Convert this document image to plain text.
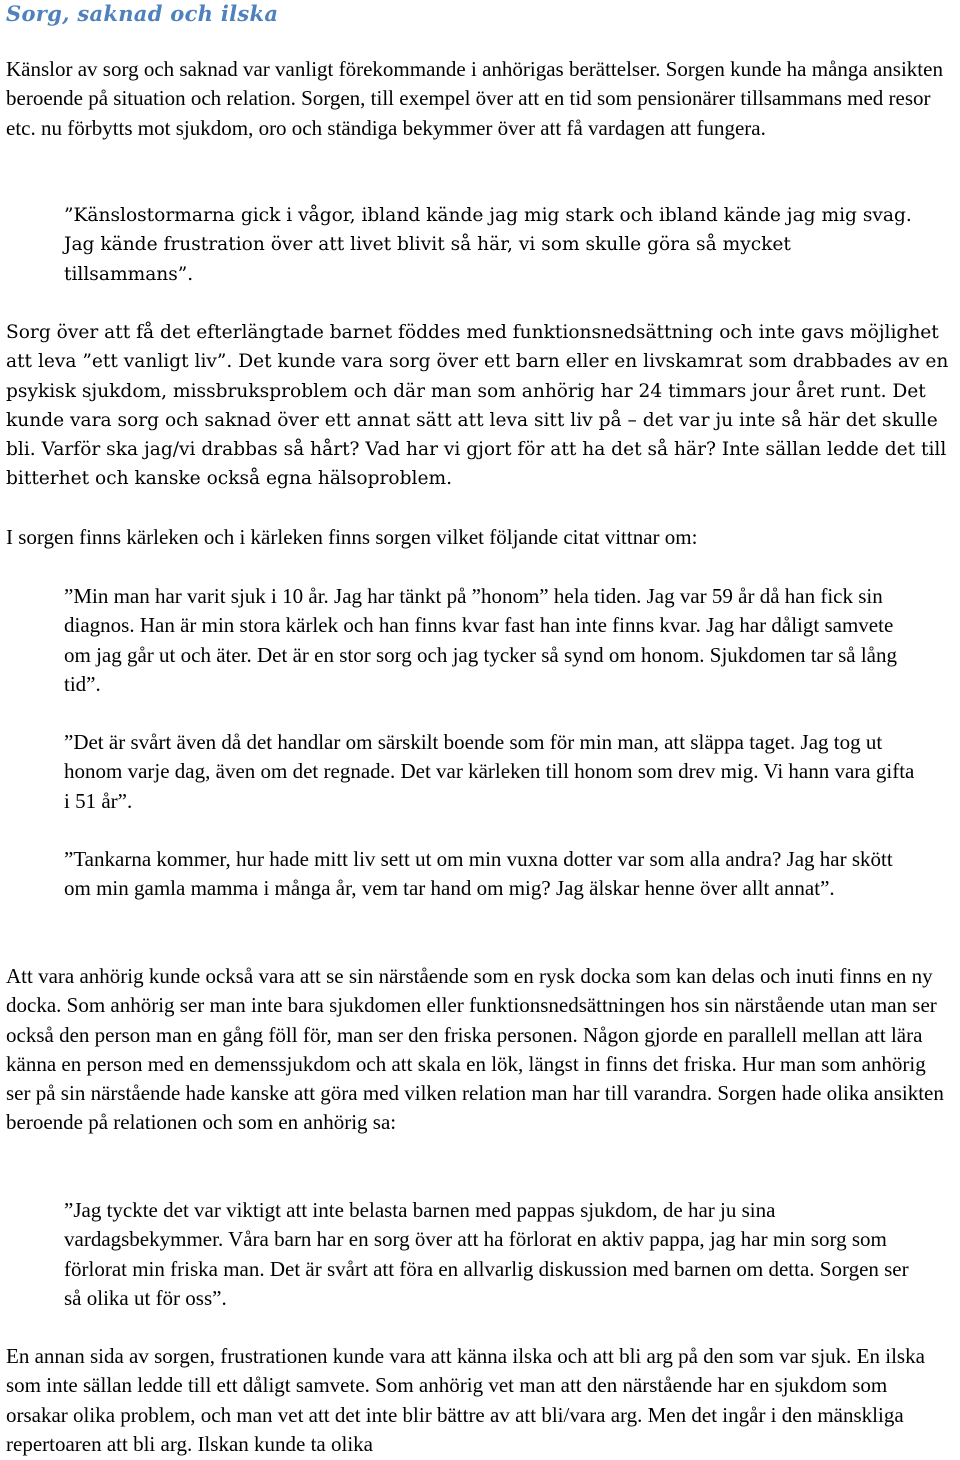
Sorg, saknad och ilska

Känslor av sorg och saknad var vanligt förekommande i anhörigas berättelser. Sorgen kunde ha många ansikten beroende på situation och relation. Sorgen, till exempel över att en tid som pensionärer tillsammans med resor etc. nu förbytts mot sjukdom, oro och ständiga bekymmer över att få vardagen att fungera.

”Känslostormarna gick i vågor, ibland kände jag mig stark och ibland kände jag mig svag. Jag kände frustration över att livet blivit så här, vi som skulle göra så mycket tillsammans”.

Sorg över att få det efterlängtade barnet föddes med funktionsnedsättning och inte gavs möjlighet att leva ”ett vanligt liv”. Det kunde vara sorg över ett barn eller en livskamrat som drabbades av en psykisk sjukdom, missbruksproblem och där man som anhörig har 24 timmars jour året runt. Det kunde vara sorg och saknad över ett annat sätt att leva sitt liv på – det var ju inte så här det skulle bli. Varför ska jag/vi drabbas så hårt? Vad har vi gjort för att ha det så här? Inte sällan ledde det till bitterhet och kanske också egna hälsoproblem.

I sorgen finns kärleken och i kärleken finns sorgen vilket följande citat vittnar om:

”Min man har varit sjuk i 10 år. Jag har tänkt på ”honom” hela tiden. Jag var 59 år då han fick sin diagnos. Han är min stora kärlek och han finns kvar fast han inte finns kvar. Jag har dåligt samvete om jag går ut och äter. Det är en stor sorg och jag tycker så synd om honom. Sjukdomen tar så lång tid”.

”Det är svårt även då det handlar om särskilt boende som för min man, att släppa taget. Jag tog ut honom varje dag, även om det regnade. Det var kärleken till honom som drev mig. Vi hann vara gifta i 51 år”.

”Tankarna kommer, hur hade mitt liv sett ut om min vuxna dotter var som alla andra? Jag har skött om min gamla mamma i många år, vem tar hand om mig? Jag älskar henne över allt annat”.

Att vara anhörig kunde också vara att se sin närstående som en rysk docka som kan delas och inuti finns en ny docka. Som anhörig ser man inte bara sjukdomen eller funktionsnedsättningen hos sin närstående utan man ser också den person man en gång föll för, man ser den friska personen. Någon gjorde en parallell mellan att lära känna en person med en demenssjukdom och att skala en lök, längst in finns det friska. Hur man som anhörig ser på sin närstående hade kanske att göra med vilken relation man har till varandra. Sorgen hade olika ansikten beroende på relationen och som en anhörig sa:

”Jag tyckte det var viktigt att inte belasta barnen med pappas sjukdom, de har ju sina vardagsbekymmer. Våra barn har en sorg över att ha förlorat en aktiv pappa, jag har min sorg som förlorat min friska man. Det är svårt att föra en allvarlig diskussion med barnen om detta. Sorgen ser så olika ut för oss”.

En annan sida av sorgen, frustrationen kunde vara att känna ilska och att bli arg på den som var sjuk. En ilska som inte sällan ledde till ett dåligt samvete. Som anhörig vet man att den närstående har en sjukdom som orsakar olika problem, och man vet att det inte blir bättre av att bli/vara arg. Men det ingår i den mänskliga repertoaren att bli arg. Ilskan kunde ta olika
